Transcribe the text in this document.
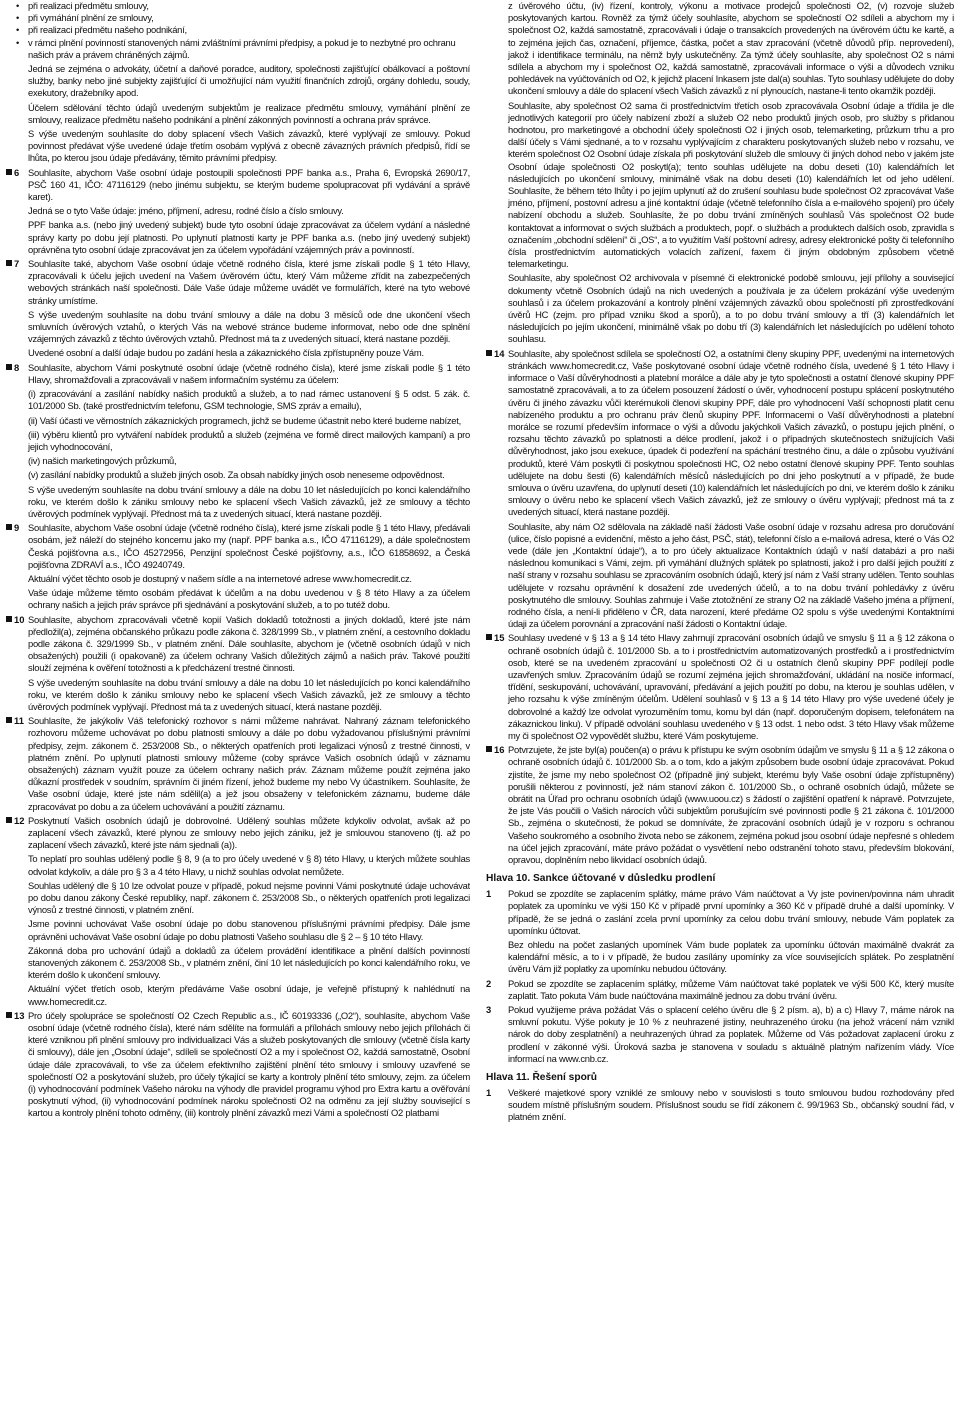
• při realizaci předmětu smlouvy,
• při vymáhání plnění ze smlouvy,
• při realizaci předmětu našeho podnikání,
• v rámci plnění povinností stanovených námi zvláštními právními předpisy, a pokud je to nezbytné pro ochranu našich práv a právem chráněných zájmů.

Jedná se zejména o advokáty, účetní a daňové poradce, auditory, společnosti zajišťující obálkovací a poštovní služby, banky nebo jiné subjekty zajišťující či umožňující nám využití finančních zdrojů, orgány dohledu, soudy, exekutory, dražebníky apod.

Účelem sdělování těchto údajů uvedeným subjektům je realizace předmětu smlouvy, vymáhání plnění ze smlouvy, realizace předmětu našeho podnikání a plnění zákonných povinností a ochrana práv správce.

S výše uvedeným souhlasíte do doby splacení všech Vašich závazků, které vyplývají ze smlouvy. Pokud povinnost předávat výše uvedené údaje třetím osobám vyplývá z obecně závazných právních předpisů, řídí se lhůta, po kterou jsou údaje předávány, těmito právními předpisy.

6 Souhlasíte, abychom Vaše osobní údaje postoupili společnosti PPF banka a.s., Praha 6, Evropská 2690/17, PSČ 160 41, IČO: 47116129 (nebo jinému subjektu, se kterým budeme spolupracovat při vydávání a správě karet).

Jedná se o tyto Vaše údaje: jméno, příjmení, adresu, rodné číslo a číslo smlouvy.

PPF banka a.s. (nebo jiný uvedený subjekt) bude tyto osobní údaje zpracovávat za účelem vydání a následné správy karty po dobu její platnosti. Po uplynutí platnosti karty je PPF banka a.s. (nebo jiný uvedený subjekt) oprávněna tyto osobní údaje zpracovávat jen za účelem vypořádání vzájemných práv a povinností.

7 Souhlasíte také, abychom Vaše osobní údaje včetně rodného čísla, které jsme získali podle § 1 této Hlavy, zpracovávali k účelu jejich uvedení na Vašem úvěrovém účtu, který Vám můžeme zřídit na zabezpečených webových stránkách naší společnosti. Dále Vaše údaje můžeme uvádět ve formulářích, které na tyto webové stránky umístíme.

S výše uvedeným souhlasíte na dobu trvání smlouvy a dále na dobu 3 měsíců ode dne ukončení všech smluvních úvěrových vztahů, o kterých Vás na webové stránce budeme informovat, nebo ode dne splnění vzájemných závazků z těchto úvěrových vztahů. Přednost má ta z uvedených situací, která nastane později.

Uvedené osobní a další údaje budou po zadání hesla a zákaznického čísla zpřístupněny pouze Vám.

8 Souhlasíte, abychom Vámi poskytnuté osobní údaje (včetně rodného čísla), které jsme získali podle § 1 této Hlavy, shromažďovali a zpracovávali v našem informačním systému za účelem:

(i) zpracovávání a zasílání nabídky našich produktů a služeb, a to nad rámec ustanovení § 5 odst. 5 zák. č. 101/2000 Sb. (také prostřednictvím telefonu, GSM technologie, SMS zpráv a emailu),

(ii) Vaší účasti ve věrnostních zákaznických programech, jichž se budeme účastnit nebo které budeme nabízet,

(iii) výběru klientů pro vytváření nabídek produktů a služeb (zejména ve formě direct mailových kampaní) a pro jejich vyhodnocování,

(iv) našich marketingových průzkumů,

(v) zasílání nabídky produktů a služeb jiných osob. Za obsah nabídky jiných osob neneseme odpovědnost.

S výše uvedeným souhlasíte na dobu trvání smlouvy a dále na dobu 10 let následujících po konci kalendářního roku, ve kterém došlo k zániku smlouvy nebo ke splacení všech Vašich závazků, jež ze smlouvy a těchto úvěrových podmínek vyplývají. Přednost má ta z uvedených situací, která nastane později.

9 Souhlasíte, abychom Vaše osobní údaje (včetně rodného čísla), které jsme získali podle § 1 této Hlavy, předávali osobám, jež náleží do stejného koncernu jako my (např. PPF banka a.s., IČO 47116129), a dále společnostem Česká pojišťovna a.s., IČO 45272956, Penzijní společnost České pojišťovny, a.s., IČO 61858692, a Česká pojišťovna ZDRAVÍ a.s., IČO 49240749.

Aktuální výčet těchto osob je dostupný v našem sídle a na internetové adrese www.homecredit.cz.

Vaše údaje můžeme těmto osobám předávat k účelům a na dobu uvedenou v § 8 této Hlavy a za účelem ochrany našich a jejich práv správce při sjednávání a poskytování služeb, a to po tutéž dobu.

10 Souhlasíte, abychom zpracovávali včetně kopií Vašich dokladů totožnosti a jiných dokladů, které jste nám předložil(a), zejména občanského průkazu podle zákona č. 328/1999 Sb., v platném znění, a cestovního dokladu podle zákona č. 329/1999 Sb., v platném znění. Dále souhlasíte, abychom je (včetně osobních údajů v nich obsažených) použili (i opakovaně) za účelem ochrany Vašich důležitých zájmů a našich práv. Takové použití slouží zejména k ověření totožnosti a k předcházení trestné činnosti.

S výše uvedeným souhlasíte na dobu trvání smlouvy a dále na dobu 10 let následujících po konci kalendářního roku, ve kterém došlo k zániku smlouvy nebo ke splacení všech Vašich závazků, jež ze smlouvy a těchto úvěrových podmínek vyplývají. Přednost má ta z uvedených situací, která nastane později.

11 Souhlasíte, že jakýkoliv Váš telefonický rozhovor s námi můžeme nahrávat. Nahraný záznam telefonického rozhovoru můžeme uchovávat po dobu platnosti smlouvy a dále po dobu vyžadovanou příslušnými právními předpisy, zejm. zákonem č. 253/2008 Sb., o některých opatřeních proti legalizaci výnosů z trestné činnosti, v platném znění. Po uplynutí platnosti smlouvy můžeme (coby správce Vašich osobních údajů v záznamu obsažených) záznam využít pouze za účelem ochrany našich práv. Záznam můžeme použít zejména jako důkazní prostředek v soudním, správním či jiném řízení, jehož budeme my nebo Vy účastníkem. Souhlasíte, že Vaše osobní údaje, které jste nám sdělil(a) a jež jsou obsaženy v telefonickém záznamu, budeme dále zpracovávat po dobu a za účelem uchovávání a použití záznamu.

12 Poskytnutí Vašich osobních údajů je dobrovolné. Udělený souhlas můžete kdykoliv odvolat, avšak až po zaplacení všech závazků, které plynou ze smlouvy nebo jejich zániku, jež je smlouvou stanoveno (tj. až po zaplacení všech závazků, které jste nám sjednali (a)).

To neplatí pro souhlas udělený podle § 8, 9 (a to pro účely uvedené v § 8) této Hlavy, u kterých můžete souhlas odvolat kdykoliv, a dále pro § 3 a 4 této Hlavy, u nichž souhlas odvolat nemůžete.

Souhlas udělený dle § 10 lze odvolat pouze v případě, pokud nejsme povinni Vámi poskytnuté údaje uchovávat po dobu danou zákony České republiky, např. zákonem č. 253/2008 Sb., o některých opatřeních proti legalizaci výnosů z trestné činnosti, v platném znění.

Jsme povinni uchovávat Vaše osobní údaje po dobu stanovenou příslušnými právními předpisy. Dále jsme oprávněni uchovávat Vaše osobní údaje po dobu platnosti Vašeho souhlasu dle § 2 – § 10 této Hlavy.

Zákonná doba pro uchování údajů a dokladů za účelem provádění identifikace a plnění dalších povinností stanovených zákonem č. 253/2008 Sb., v platném znění, činí 10 let následujících po konci kalendářního roku, ve kterém došlo k ukončení smlouvy.

Aktuální výčet třetích osob, kterým předáváme Vaše osobní údaje, je veřejně přístupný k nahlédnutí na www.homecredit.cz.

13 Pro účely spolupráce se společností O2 Czech Republic a.s., IČ 60193336 („O2“), souhlasíte, abychom Vaše osobní údaje (včetně rodného čísla), které nám sdělíte na formuláři a přílohách smlouvy nebo jejich přílohách či které vzniknou při plnění smlouvy pro individualizaci Vás a služeb poskytovaných dle smlouvy (včetně čísla karty či smlouvy), dále jen „Osobní údaje“, sdíleli se společností O2 a my i společnost O2, každá samostatně, Osobní údaje dále zpracovávali, to vše za účelem efektivního zajištění plnění této smlouvy i smlouvy uzavřené se společností O2 a poskytování služeb, pro účely týkající se karty a kontroly plnění této smlouvy, zejm. za účelem (i) vyhodnocování podmínek Vašeho nároku na výhody dle pravidel programu výhod pro Extra kartu a ověřování poskytnutí výhod, (ii) vyhodnocování podmínek nároku společnosti O2 na odměnu za její služby související s kartou a kontroly plnění tohoto odměny, (iii) kontroly plnění závazků mezi Vámi a společností O2 platbami

z úvěrového účtu, (iv) řízení, kontroly, výkonu a motivace prodejců společnosti O2, (v) rozvoje služeb poskytovaných kartou. Rovněž za týmž účely souhlasíte, abychom se společností O2 sdíleli a abychom my i společnost O2, každá samostatně, zpracovávali i údaje o transakcích provedených na úvěrovém účtu ke kartě, a to zejména jejich čas, označení, příjemce, částka, počet a stav zpracování (včetně důvodů příp. neprovedení), jakož i identifikace terminálu, na němž byly uskutečněny. Za týmž účely souhlasíte, aby společnost O2 s námi sdílela a abychom my i společnost O2, každá samostatně, zpracovávali informace o výši a důvodech vzniku pohledávek na vyúčtováních od O2, k jejichž placení Inkasem jste dal(a) souhlas. Tyto souhlasy udělujete do doby ukončení smlouvy a dále do splacení všech Vašich závazků z ní plynoucích, nastane-li tento okamžik později.

Souhlasíte, aby společnost O2 sama či prostřednictvím třetích osob zpracovávala Osobní údaje a třídila je dle jednotlivých kategorií pro účely nabízení zboží a služeb O2 nebo produktů jiných osob, pro služby s přidanou hodnotou, pro marketingové a obchodní účely společnosti O2 i jiných osob, telemarketing, průzkum trhu a pro další účely s Vámi sjednané, a to v rozsahu vyplývajícím z charakteru poskytovaných služeb nebo v rozsahu, ve kterém společnost O2 Osobní údaje získala při poskytování služeb dle smlouvy či jiných dohod nebo v jakém jste Osobní údaje společnosti O2 poskytl(a); tento souhlas udělujete na dobu deseti (10) kalendářních let následujících po ukončení smlouvy, minimálně však na dobu deseti (10) kalendářních let od jeho udělení. Souhlasíte, že během této lhůty i po jejím uplynutí až do zrušení souhlasu bude společnost O2 zpracovávat Vaše jméno, příjmení, postovní adresu a jiné kontaktní údaje (včetně telefonního čísla a e-mailového spojení) pro účely nabízení obchodu a služeb. Souhlasíte, že po dobu trvání zmíněných souhlasů Vás společnost O2 bude kontaktovat a informovat o svých službách a produktech, popř. o službách a produktech dalších osob, zpravidla s označením „obchodní sdělení“ či „OS“, a to využitím Vaší poštovní adresy, adresy elektronické pošty či telefonního čísla prostřednictvím automatických volacích zařízení, faxem či jiným obdobným způsobem včetně telemarketingu.

Souhlasíte, aby společnost O2 archivovala v písemné či elektronické podobě smlouvu, její přílohy a související dokumenty včetně Osobních údajů na nich uvedených a používala je za účelem prokázání výše uvedeným souhlasů i za účelem prokazování a kontroly plnění vzájemných závazků obou společností při zprostředkování úvěrů HC (zejm. pro případ vzniku škod a sporů), a to po dobu trvání smlouvy a tří (3) kalendářních let následujících po jejím ukončení, minimálně však po dobu tří (3) kalendářních let následujících po udělení tohoto souhlasu.

14 Souhlasíte, aby společnost sdílela se společností O2, a ostatními členy skupiny PPF, uvedenými na internetových stránkách www.homecredit.cz, Vaše poskytované osobní údaje včetně rodného čísla, uvedené § 1 této Hlavy i informace o Vaší důvěryhodnosti a platební morálce a dále aby je tyto společnosti a ostatní členové skupiny PPF samostatně zpracovávali, a to za účelem posouzení žádostí o úvěr, vyhodnocení postupu splácení poskytnutého úvěru či jiného závazku vůči kterémukoli členovi skupiny PPF, dále pro vyhodnocení Vaší schopnosti platit cenu nabízeného produktu a pro ochranu práv členů skupiny PPF. Informacemi o Vaší důvěryhodnosti a platební morálce se rozumí především informace o výši a důvodu jakýchkoli Vašich závazků, o postupu jejich plnění, o rozsahu těchto závazků po splatnosti a délce prodlení, jakož i o případných skutečnostech snižujících Vaši důvěryhodnost, jako jsou exekuce, úpadek či podezření na spáchání trestného činu, a dále o způsobu využívání produktů, které Vám poskytli či poskytnou společnosti HC, O2 nebo ostatní členové skupiny PPF. Tento souhlas udělujete na dobu šesti (6) kalendářních měsíců následujících po dni jeho poskytnutí a v případě, že bude smlouva o úvěru uzavřena, do uplynutí deseti (10) kalendářních let následujících po dni, ve kterém došlo k zániku smlouvy o úvěru nebo ke splacení všech Vašich závazků, jež ze smlouvy o úvěru vyplývají; přednost má ta z uvedených situací, která nastane později.

Souhlasíte, aby nám O2 sdělovala na základě naší žádosti Vaše osobní údaje v rozsahu adresa pro doručování (ulice, číslo popisné a evidenční, město a jeho část, PSČ, stát), telefonní číslo a e-mailová adresa, které o Vás O2 vede (dále jen „Kontaktní údaje“), a to pro účely aktualizace Kontaktních údajů v naší databázi a pro naši následnou komunikaci s Vámi, zejm. při vymáhání dlužných splátek po splatnosti, jakož i pro další jejich použití z naší strany v rozsahu souhlasu se zpracováním osobních údajů, který jsí nám z Vaší strany udělen. Tento souhlas udělujete v rozsahu oprávnění k dosažení zde uvedených účelů, a to na dobu trvání pohledávky z úvěru poskytnutého dle smlouvy. Souhlas zahrnuje i Vaše ztotožnění ze strany O2 na základě Vašeho jména a příjmení, rodného čísla, a není-li přiděleno v ČR, data narození, které předáme O2 spolu s výše uvedenými Kontaktními údaji za účelem porovnání a zpracování naší žádosti o Kontaktní údaje.

15 Souhlasy uvedené v § 13 a § 14 této Hlavy zahrnují zpracování osobních údajů ve smyslu § 11 a § 12 zákona o ochraně osobních údajů č. 101/2000 Sb. a to i prostřednictvím automatizovaných prostředků a i prostřednictvím osob, které se na uvedeném zpracování u společnosti O2 či u ostatních členů skupiny PPF podílejí podle uzavřených smluv. Zpracováním údajů se rozumí zejména jejich shromažďování, ukládání na nosiče informací, třídění, seskupování, uchovávání, upravování, předávání a jejich použití po dobu, na kterou je souhlas udělen, v jeho rozsahu k výše zmíněným účelům. Udělení souhlasů v § 13 a § 14 této Hlavy pro výše uvedené účely je dobrovolné a každý lze odvolat vyrozuměním tomu, komu byl dán (např. doporučeným dopisem, telefonátem na zákaznickou linku). V případě odvolání souhlasu uvedeného v § 13 odst. 1 nebo odst. 3 této Hlavy však můžeme my či společnost O2 vypovědět službu, které Vám poskytujeme.

16 Potvrzujete, že jste byl(a) poučen(a) o právu k přístupu ke svým osobním údajům ve smyslu § 11 a § 12 zákona o ochraně osobních údajů č. 101/2000 Sb. a o tom, kdo a jakým způsobem bude osobní údaje zpracovávat. Pokud zjistíte, že jsme my nebo společnost O2 (případně jiný subjekt, kterému byly Vaše osobní údaje zpřístupněny) porušili některou z povinností, jež nám stanoví zákon č. 101/2000 Sb., o ochraně osobních údajů, můžete se obrátit na Úřad pro ochranu osobních údajů (www.uoou.cz) s žádostí o zajištění opatření k nápravě. Potvrzujete, že jste Vás poučili o Vašich nárocích vůči subjektům porušujícím své povinnosti podle § 21 zákona č. 101/2000 Sb., zejména o skutečnosti, že pokud se domníváte, že zpracování osobních údajů je v rozporu s ochranou Vašeho soukromého a osobního života nebo se zákonem, zejména pokud jsou osobní údaje nepřesné s ohledem na účel jejich zpracování, máte právo požádat o vysvětlení nebo odstranění tohoto stavu, především blokování, opravou, doplněním nebo likvidací osobních údajů.

Hlava 10. Sankce účtované v důsledku prodlení
1 Pokud se zpozdíte se zaplacením splátky, máme právo Vám naúčtovat a Vy jste povinen/povinna nám uhradit poplatek za upomínku ve výši 150 Kč v případě první upomínky a 360 Kč v případě druhé a další upomínky. V případě, že se jedná o zaslání zcela první upomínky za celou dobu trvání smlouvy, nebude Vám poplatek za upomínku účtovat.

Bez ohledu na počet zaslaných upomínek Vám bude poplatek za upomínku účtován maximálně dvakrát za kalendářní měsíc, a to i v případě, že budou zasílány upomínky za více souvisejících splátek. Po zesplatnění úvěru Vám již poplatky za upomínku nebudou účtovány.

2 Pokud se zpozdíte se zaplacením splátky, můžeme Vám naúčtovat také poplatek ve výši 500 Kč, který musíte zaplatit. Tato pokuta Vám bude naúčtována maximálně jednou za dobu trvání úvěru.

3 Pokud využijeme práva požádat Vás o splacení celého úvěru dle § 2 písm. a), b) a c) Hlavy 7, máme nárok na smluvní pokutu. Výše pokuty je 10 % z neuhrazené jistiny, neuhrazeného úroku (na jehož vrácení nám vznikl nárok do doby zesplatnění) a neuhrazených úhrad za poplatek. Můžeme od Vás požadovat zaplacení úroku z prodlení v zákonné výši. Úroková sazba je stanovena v souladu s aktuálně platným nařízením vlády. Více informací na www.cnb.cz.

Hlava 11. Řešení sporů
1 Veškeré majetkové spory vzniklé ze smlouvy nebo v souvislosti s touto smlouvou budou rozhodovány před soudem místně příslušným soudem. Příslušnost soudu se řídí zákonem č. 99/1963 Sb., občanský soudní řád, v platném znění.
